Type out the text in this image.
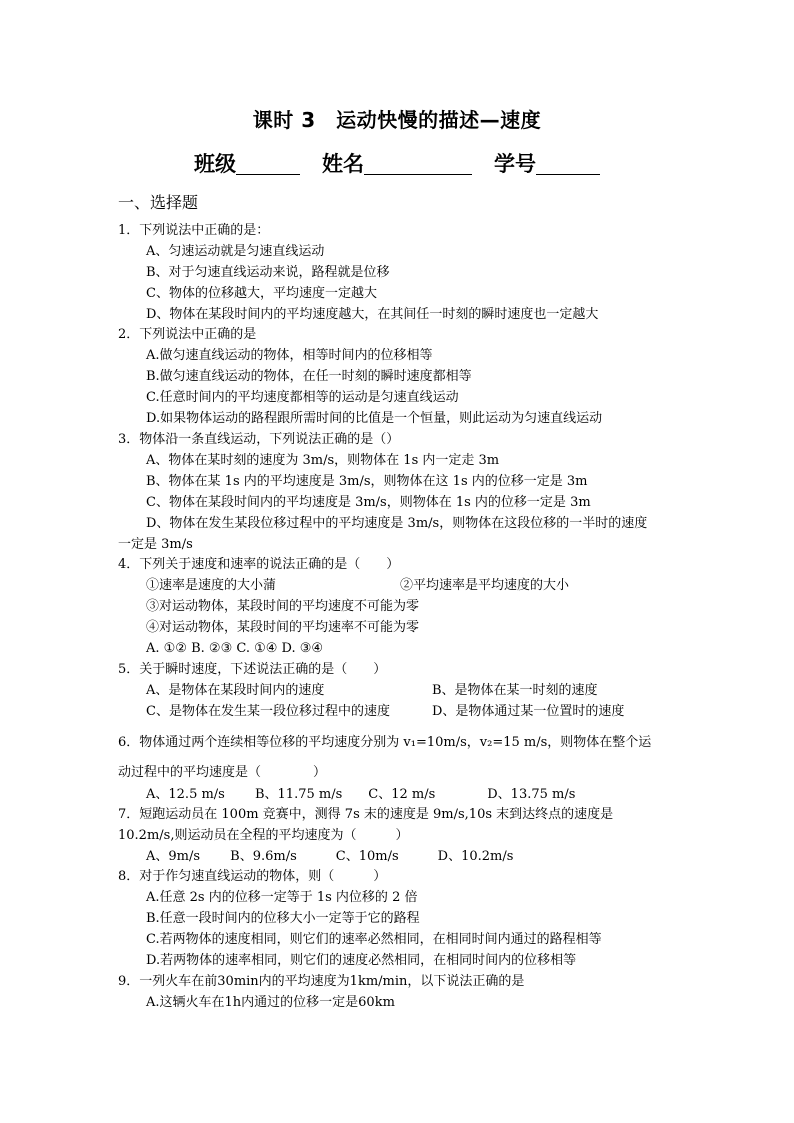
课时 3　运动快慢的描述—速度
班级	姓名	学号
一、选择题
1．下列说法中正确的是：
A、匀速运动就是匀速直线运动
B、对于匀速直线运动来说，路程就是位移
C、物体的位移越大，平均速度一定越大
D、物体在某段时间内的平均速度越大，在其间任一时刻的瞬时速度也一定越大
2．下列说法中正确的是
A.做匀速直线运动的物体，相等时间内的位移相等
B.做匀速直线运动的物体，在任一时刻的瞬时速度都相等
C.任意时间内的平均速度都相等的运动是匀速直线运动
D.如果物体运动的路程跟所需时间的比值是一个恒量，则此运动为匀速直线运动
3．物体沿一条直线运动，下列说法正确的是（）
A、物体在某时刻的速度为 3m/s，则物体在 1s 内一定走 3m
B、物体在某 1s 内的平均速度是 3m/s，则物体在这 1s 内的位移一定是 3m
C、物体在某段时间内的平均速度是 3m/s，则物体在 1s 内的位移一定是 3m
D、物体在发生某段位移过程中的平均速度是 3m/s，则物体在这段位移的一半时的速度
一定是 3m/s
4．下列关于速度和速率的说法正确的是（　　）
①速率是速度的大小蒲	②平均速率是平均速度的大小
③对运动物体，某段时间的平均速度不可能为零
④对运动物体，某段时间的平均速率不可能为零
A. ①② B. ②③ C. ①④ D. ③④
5．关于瞬时速度，下述说法正确的是（　　）
A、是物体在某段时间内的速度	B、是物体在某一时刻的速度
C、是物体在发生某一段位移过程中的速度	D、是物体通过某一位置时的速度
6．物体通过两个连续相等位移的平均速度分别为 v₁=10m/s，v₂=15 m/s，则物体在整个运
动过程中的平均速度是（　　　　）
A、12.5 m/s　　 B、11.75 m/s　　C、12 m/s　　　　D、13.75 m/s
7．短跑运动员在 100m 竞赛中，测得 7s 末的速度是 9m/s,10s 末到达终点的速度是
10.2m/s,则运动员在全程的平均速度为（　　　）
A、9m/s　　 B、9.6m/s　　　C、10m/s　　　D、10.2m/s
8．对于作匀速直线运动的物体，则（　　　）
A.任意 2s 内的位移一定等于 1s 内位移的 2 倍
B.任意一段时间内的位移大小一定等于它的路程
C.若两物体的速度相同，则它们的速率必然相同，在相同时间内通过的路程相等
D.若两物体的速率相同，则它们的速度必然相同，在相同时间内的位移相等
9．一列火车在前30min内的平均速度为1km/min，以下说法正确的是
A.这辆火车在1h内通过的位移一定是60km
